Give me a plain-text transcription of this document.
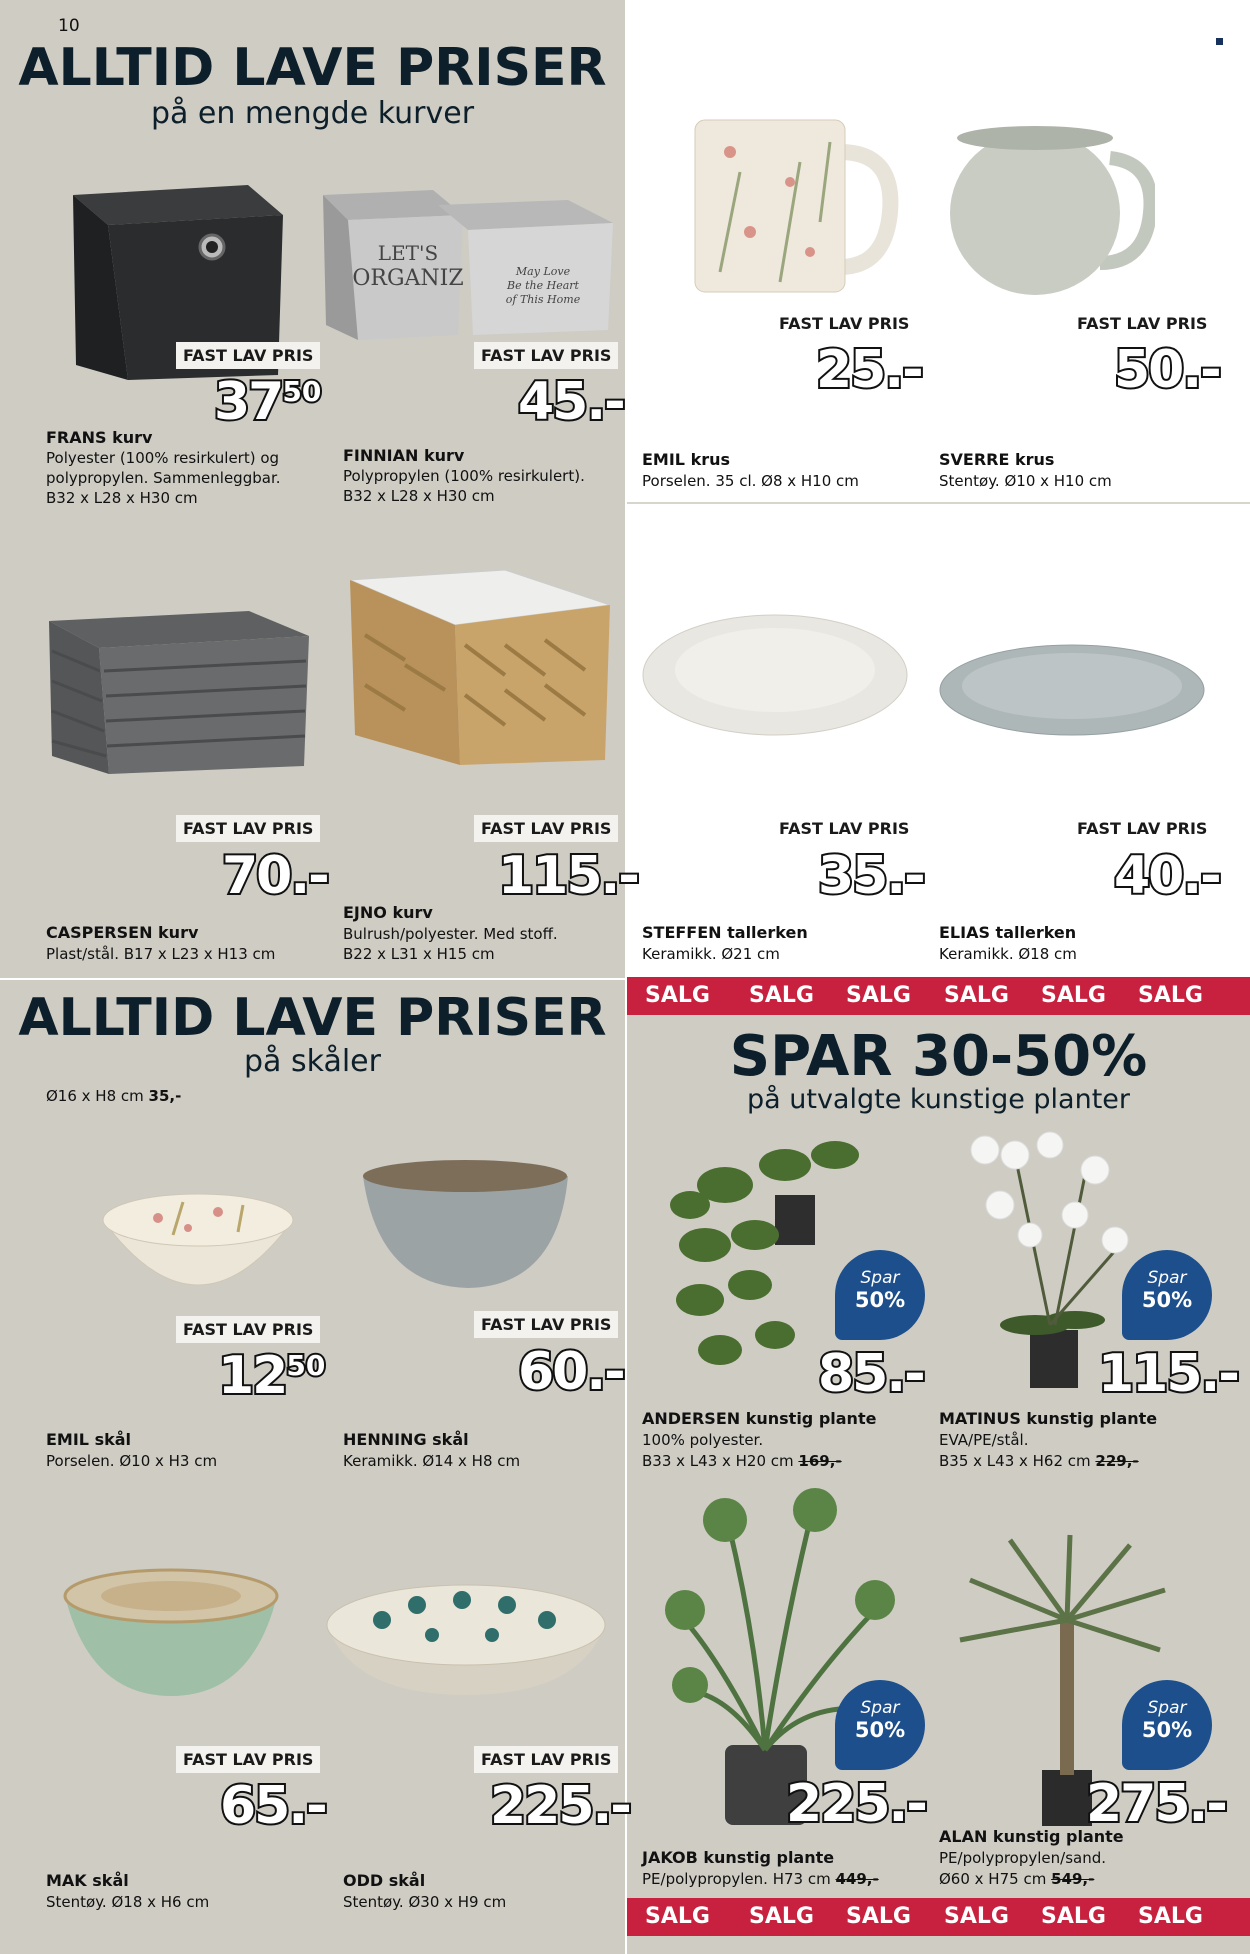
10
ALLTID LAVE PRISER
på en mengde kurver
LET'S
ORGANIZ	May Love
Be the Heart
of This Home
FAST LAV PRIS
$37^{50}$
FRANS kurv
Polyester (100% resirkulert) og
polypropylen. Sammenleggbar.
B32 x L28 x H30 cm
FAST LAV PRIS
45.-
FINNIAN kurv
Polypropylen (100% resirkulert).
B32 x L28 x H30 cm
FAST LAV PRIS
70.-
CASPERSEN kurv
Plast/stål. B17 x L23 x H13 cm
FAST LAV PRIS
115.-
EJNO kurv
Bulrush/polyester. Med stoff.
B22 x L31 x H15 cm
FAST LAV PRIS
25.-
EMIL krus
Porselen. 35 cl. Ø8 x H10 cm
FAST LAV PRIS
50.-
SVERRE krus
Stentøy. Ø10 x H10 cm
FAST LAV PRIS
35.-
STEFFEN tallerken
Keramikk. Ø21 cm
FAST LAV PRIS
40.-
ELIAS tallerken
Keramikk. Ø18 cm
ALLTID LAVE PRISER
på skåler
Ø16 x H8 cm 35,-
FAST LAV PRIS
$12^{50}$
EMIL skål
Porselen. Ø10 x H3 cm
FAST LAV PRIS
60.-
HENNING skål
Keramikk. Ø14 x H8 cm
FAST LAV PRIS
65.-
MAK skål
Stentøy. Ø18 x H6 cm
FAST LAV PRIS
225.-
ODD skål
Stentøy. Ø30 x H9 cm
SALG SALG SALG SALG SALG SALG
SPAR 30-50%
på utvalgte kunstige planter
Spar
50%
Spar
50%
85.-
ANDERSEN kunstig plante
100% polyester.
B33 x L43 x H20 cm 169,-
115.-
MATINUS kunstig plante
EVA/PE/stål.
B35 x L43 x H62 cm 229,-
Spar
50%
Spar
50%
225.-
JAKOB kunstig plante
PE/polypropylen. H73 cm 449,-
275.-
ALAN kunstig plante
PE/polypropylen/sand.
Ø60 x H75 cm 549,-
SALG SALG SALG SALG SALG SALG
